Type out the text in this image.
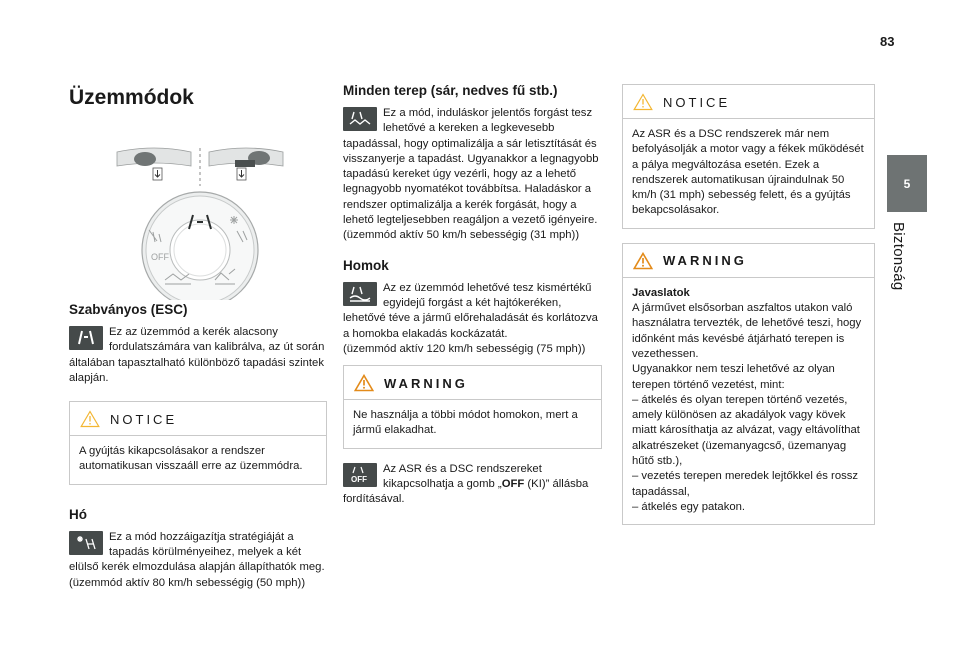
83
5
Biztonság
Üzemmódok
OFF
Szabványos (ESC)

Ez az üzemmód a kerék alacsony fordulatszámára van kalibrálva, az út során általában tapasztalható különböző tapadási szintek alapján.

NOTICE
A gyújtás kikapcsolásakor a rendszer automatikusan visszaáll erre az üzemmódra.
Hó

Ez a mód hozzáigazítja stratégiáját a tapadás körülményeihez, melyek a két elülső kerék elmozdulása alapján állapíthatók meg.

(üzemmód aktív 80 km/h sebességig (50 mph))

Minden terep (sár, nedves fű stb.)

Ez a mód, induláskor jelentős forgást tesz lehetővé a kereken a legkevesebb tapadással, hogy optimalizálja a sár letisztítását és visszanyerje a tapadást. Ugyanakkor a legnagyobb tapadású kereket úgy vezérli, hogy az a lehető legnagyobb nyomatékot továbbítsa. Haladáskor a rendszer optimalizálja a kerék forgását, hogy a lehető legteljesebben reagáljon a vezető igényeire.

(üzemmód aktív 50 km/h sebességig (31 mph))

Homok

Az ez üzemmód lehetővé tesz kismértékű egyidejű forgást a két hajtókeréken, lehetővé téve a jármű előrehaladását és korlátozva a homokba elakadás kockázatát.

(üzemmód aktív 120 km/h sebességig (75 mph))

WARNING
Ne használja a többi módot homokon, mert a jármű elakadhat.
OFF

Az ASR és a DSC rendszereket kikapcsolhatja a gomb „OFF (KI)” állásba fordításával.

NOTICE
Az ASR és a DSC rendszerek már nem befolyásolják a motor vagy a fékek működését a pálya megváltozása esetén. Ezek a rendszerek automatikusan újraindulnak 50 km/h (31 mph) sebesség felett, és a gyújtás bekapcsolásakor.
WARNING

Javaslatok

A járművet elsősorban aszfaltos utakon való használatra tervezték, de lehetővé teszi, hogy időnként más kevésbé átjárható terepen is vezethessen.

Ugyanakkor nem teszi lehetővé az olyan terepen történő vezetést, mint:

– átkelés és olyan terepen történő vezetés, amely különösen az akadályok vagy kövek miatt károsíthatja az alvázat, vagy eltávolíthat alkatrészeket (üzemanyagcső, üzemanyag hűtő stb.),

– vezetés terepen meredek lejtőkkel és rossz tapadással,

– átkelés egy patakon.
